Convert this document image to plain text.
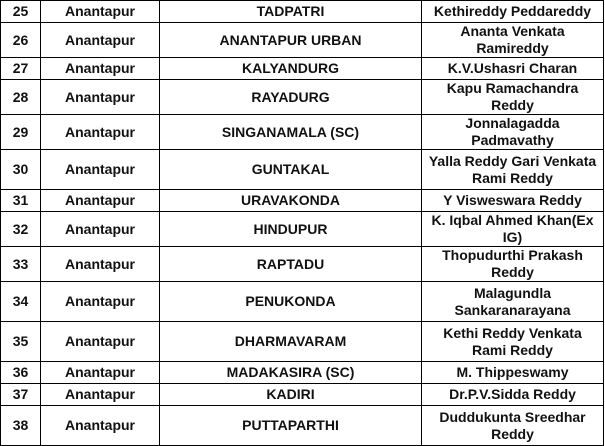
25	Anantapur	TADPATRI	Kethireddy Peddareddy
26	Anantapur	ANANTAPUR URBAN	Ananta Venkata Ramireddy
27	Anantapur	KALYANDURG	K.V.Ushasri Charan
28	Anantapur	RAYADURG	Kapu Ramachandra Reddy
29	Anantapur	SINGANAMALA (SC)	Jonnalagadda Padmavathy
30	Anantapur	GUNTAKAL	Yalla Reddy Gari Venkata Rami Reddy
31	Anantapur	URAVAKONDA	Y Visweswara Reddy
32	Anantapur	HINDUPUR	K. Iqbal Ahmed Khan(Ex IG)
33	Anantapur	RAPTADU	Thopudurthi Prakash Reddy
34	Anantapur	PENUKONDA	Malagundla Sankaranarayana
35	Anantapur	DHARMAVARAM	Kethi Reddy Venkata Rami Reddy
36	Anantapur	MADAKASIRA (SC)	M. Thippeswamy
37	Anantapur	KADIRI	Dr.P.V.Sidda Reddy
38	Anantapur	PUTTAPARTHI	Duddukunta Sreedhar Reddy
